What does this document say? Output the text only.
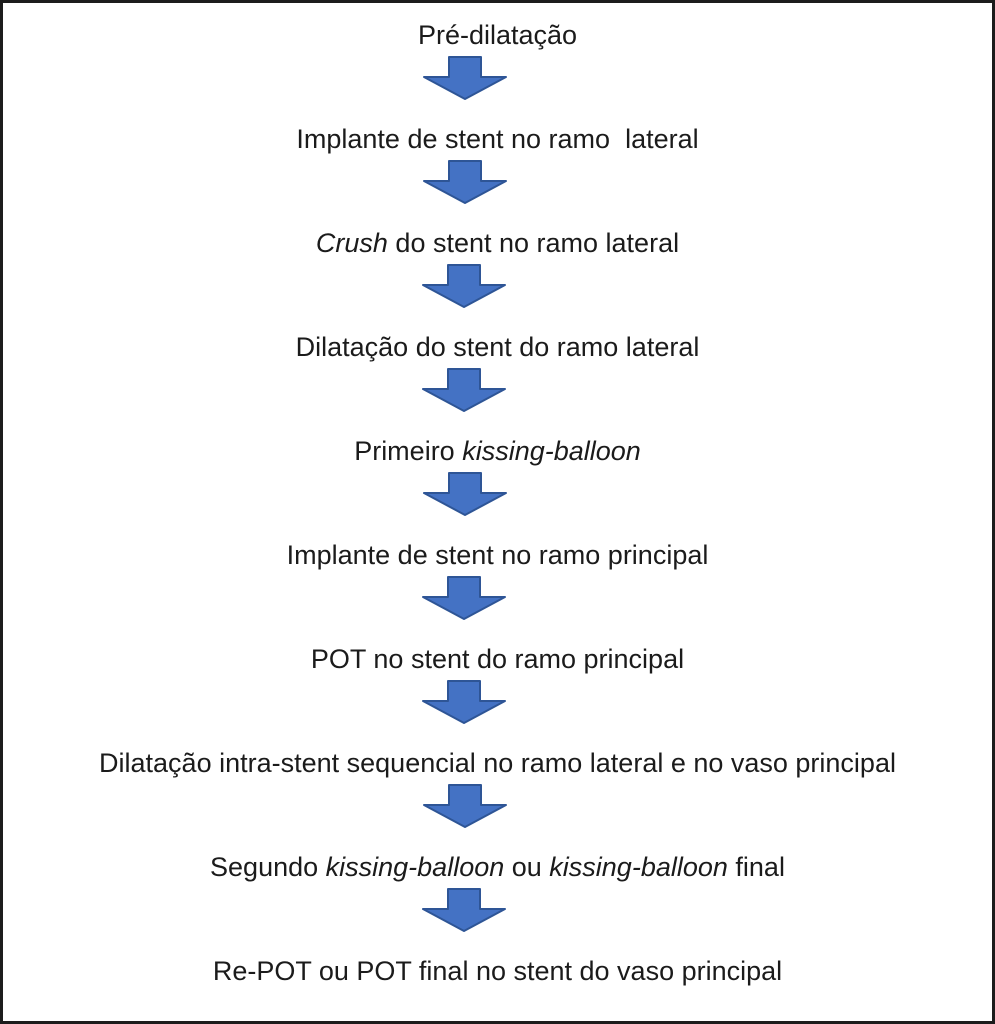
Pré-dilatação
Implante de stent no ramo  lateral
Crush do stent no ramo lateral
Dilatação do stent do ramo lateral
Primeiro kissing-balloon
Implante de stent no ramo principal
POT no stent do ramo principal
Dilatação intra-stent sequencial no ramo lateral e no vaso principal
Segundo kissing-balloon ou kissing-balloon final
Re-POT ou POT final no stent do vaso principal
